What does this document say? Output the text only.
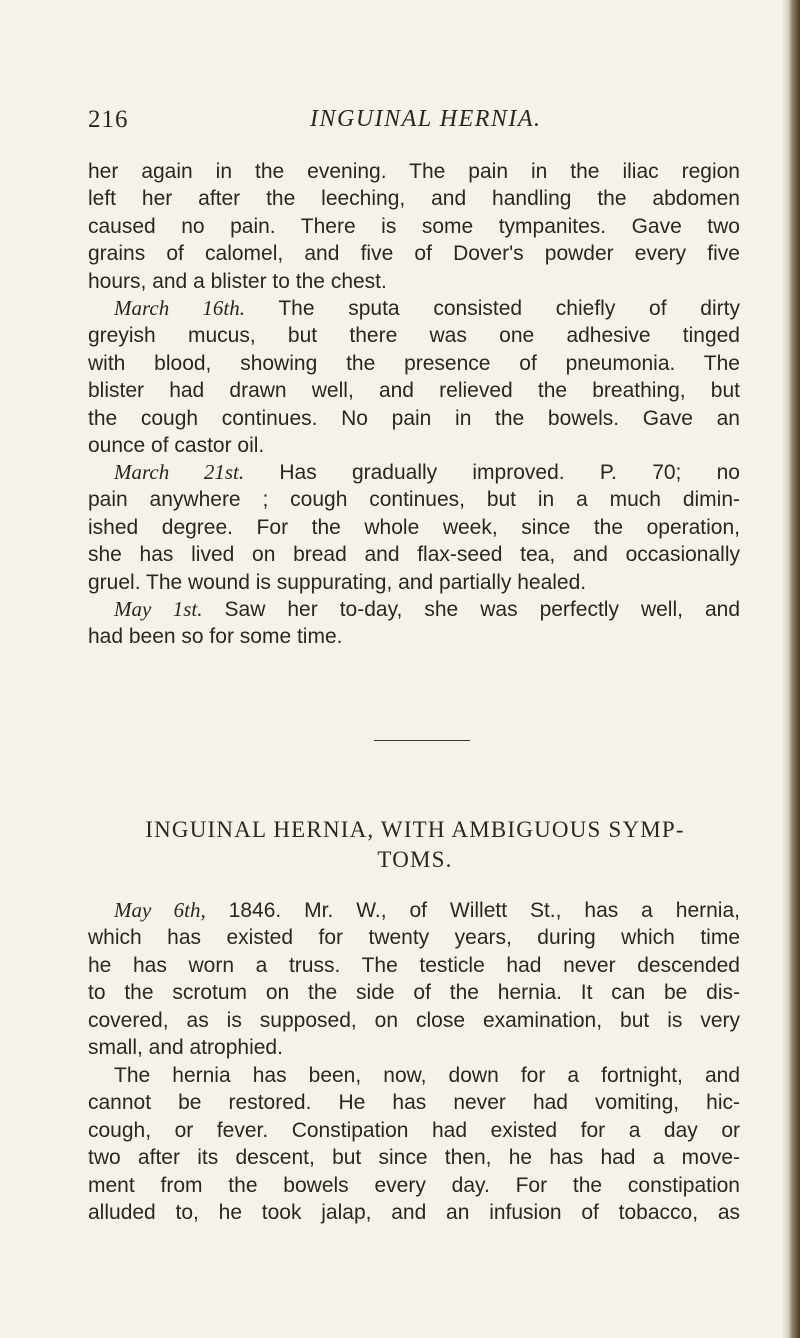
216	INGUINAL HERNIA.
her again in the evening. The pain in the iliac region
left her after the leeching, and handling the abdomen
caused no pain. There is some tympanites. Gave two
grains of calomel, and five of Dover's powder every five
hours, and a blister to the chest.
March 16th. The sputa consisted chiefly of dirty
greyish mucus, but there was one adhesive tinged
with blood, showing the presence of pneumonia. The
blister had drawn well, and relieved the breathing, but
the cough continues. No pain in the bowels. Gave an
ounce of castor oil.
March 21st. Has gradually improved. P. 70; no
pain anywhere ; cough continues, but in a much dimin-
ished degree. For the whole week, since the operation,
she has lived on bread and flax-seed tea, and occasionally
gruel. The wound is suppurating, and partially healed.
May 1st. Saw her to-day, she was perfectly well, and
had been so for some time.
INGUINAL HERNIA, WITH AMBIGUOUS SYMP-
TOMS.
May 6th, 1846. Mr. W., of Willett St., has a hernia,
which has existed for twenty years, during which time
he has worn a truss. The testicle had never descended
to the scrotum on the side of the hernia. It can be dis-
covered, as is supposed, on close examination, but is very
small, and atrophied.
The hernia has been, now, down for a fortnight, and
cannot be restored. He has never had vomiting, hic-
cough, or fever. Constipation had existed for a day or
two after its descent, but since then, he has had a move-
ment from the bowels every day. For the constipation
alluded to, he took jalap, and an infusion of tobacco, as
